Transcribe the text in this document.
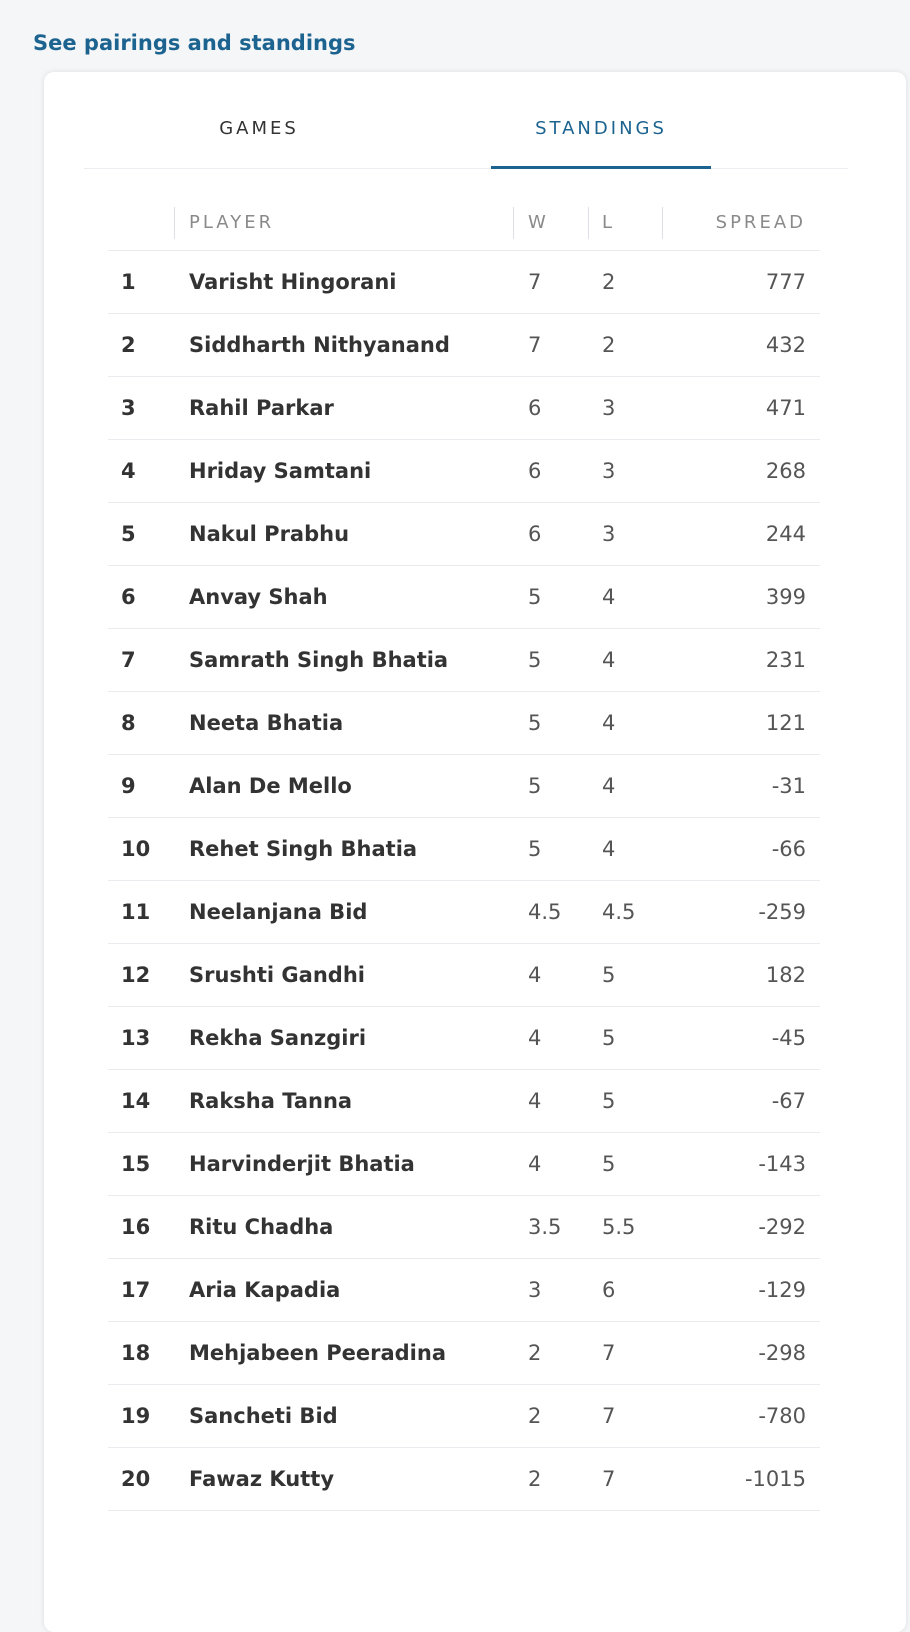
See pairings and standings
GAMES	STANDINGS
PLAYER	W	L	SPREAD
1	Varisht Hingorani	7	2	777
2	Siddharth Nithyanand	7	2	432
3	Rahil Parkar	6	3	471
4	Hriday Samtani	6	3	268
5	Nakul Prabhu	6	3	244
6	Anvay Shah	5	4	399
7	Samrath Singh Bhatia	5	4	231
8	Neeta Bhatia	5	4	121
9	Alan De Mello	5	4	-31
10 Rehet Singh Bhatia	5	4	-66
11 Neelanjana Bid	4.5 4.5	-259
12 Srushti Gandhi	4	5	182
13 Rekha Sanzgiri	4	5	-45
14 Raksha Tanna	4	5	-67
15 Harvinderjit Bhatia	4	5	-143
16 Ritu Chadha	3.5 5.5	-292
17 Aria Kapadia	3	6	-129
18 Mehjabeen Peeradina	2	7	-298
19 Sancheti Bid	2	7	-780
20 Fawaz Kutty	2	7	-1015
